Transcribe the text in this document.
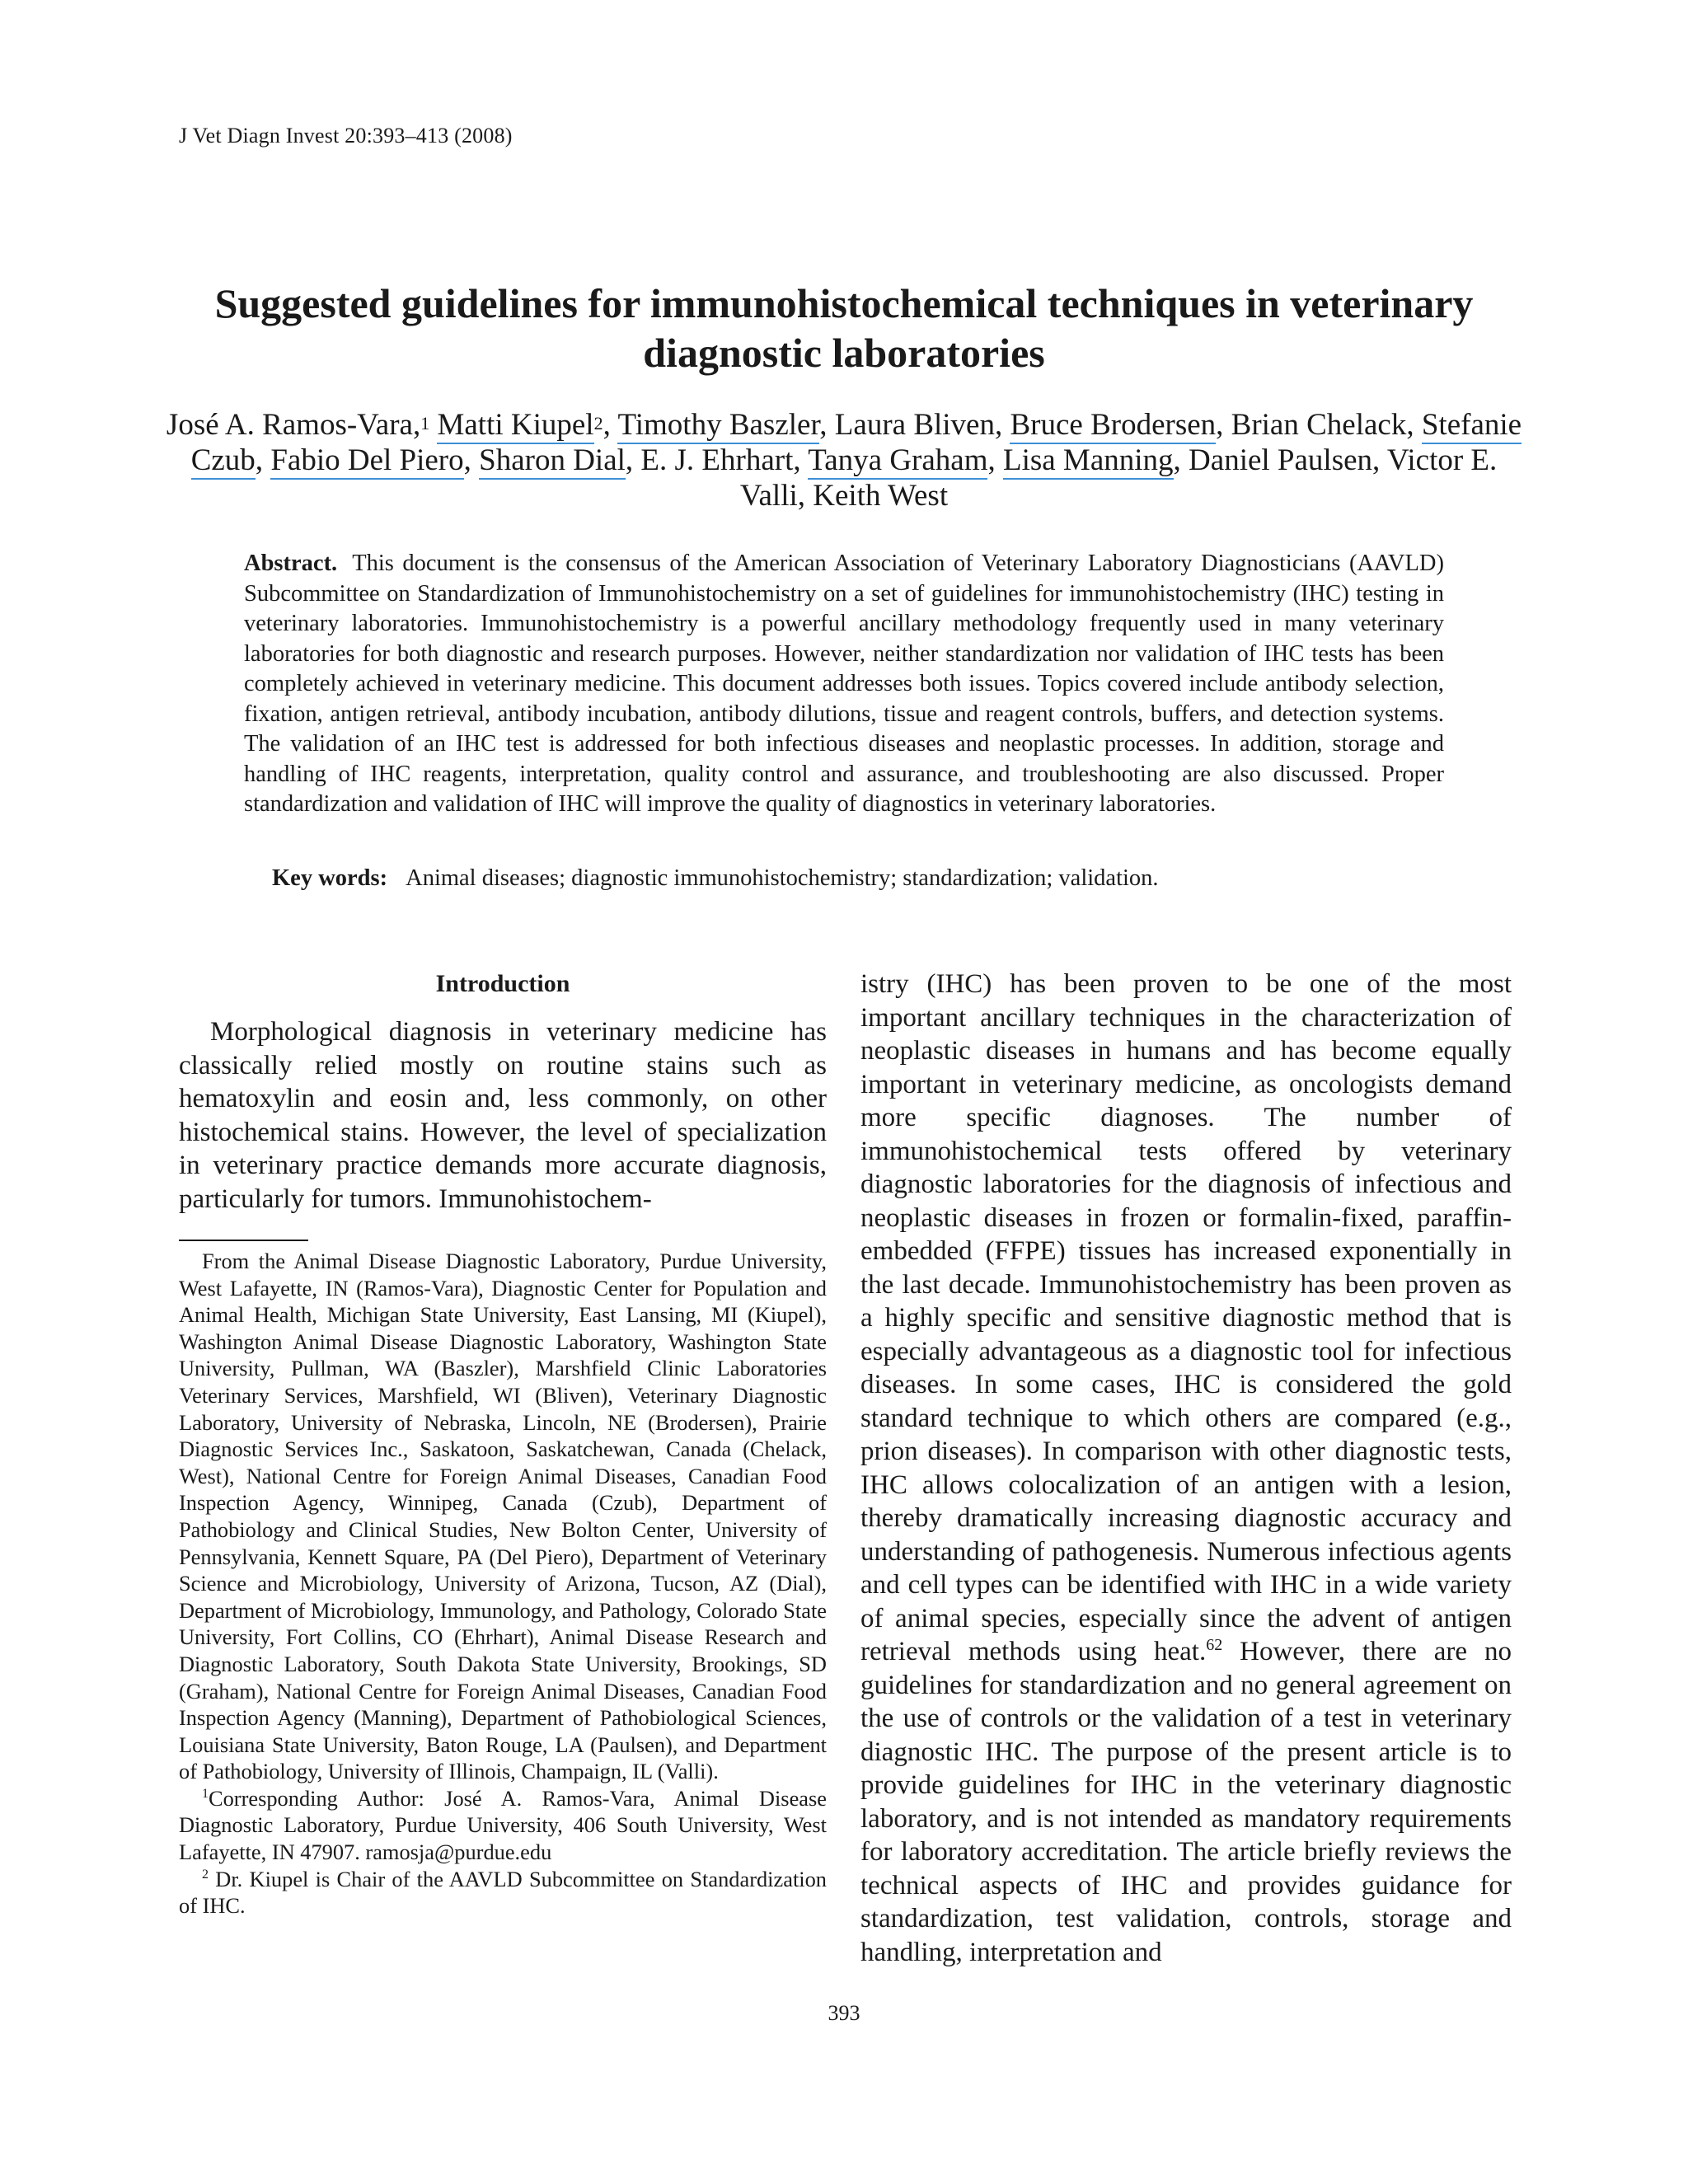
J Vet Diagn Invest 20:393–413 (2008)
Suggested guidelines for immunohistochemical techniques in veterinary diagnostic laboratories
José A. Ramos-Vara,$^1$ Matti Kiupel$^2$, Timothy Baszler, Laura Bliven, Bruce Brodersen, Brian Chelack, Stefanie Czub, Fabio Del Piero, Sharon Dial, E. J. Ehrhart, Tanya Graham, Lisa Manning, Daniel Paulsen, Victor E. Valli, Keith West
Abstract. This document is the consensus of the American Association of Veterinary Laboratory Diagnosticians (AAVLD) Subcommittee on Standardization of Immunohistochemistry on a set of guidelines for immunohistochemistry (IHC) testing in veterinary laboratories. Immunohistochemistry is a powerful ancillary methodology frequently used in many veterinary laboratories for both diagnostic and research purposes. However, neither standardization nor validation of IHC tests has been completely achieved in veterinary medicine. This document addresses both issues. Topics covered include antibody selection, fixation, antigen retrieval, antibody incubation, antibody dilutions, tissue and reagent controls, buffers, and detection systems. The validation of an IHC test is addressed for both infectious diseases and neoplastic processes. In addition, storage and handling of IHC reagents, interpretation, quality control and assurance, and troubleshooting are also discussed. Proper standardization and validation of IHC will improve the quality of diagnostics in veterinary laboratories.
Key words: Animal diseases; diagnostic immunohistochemistry; standardization; validation.
Introduction

Morphological diagnosis in veterinary medicine has classically relied mostly on routine stains such as hematoxylin and eosin and, less commonly, on other histochemical stains. However, the level of specialization in veterinary practice demands more accurate diagnosis, particularly for tumors. Immunohistochem-

istry (IHC) has been proven to be one of the most important ancillary techniques in the characterization of neoplastic diseases in humans and has become equally important in veterinary medicine, as oncologists demand more specific diagnoses. The number of immunohistochemical tests offered by veterinary diagnostic laboratories for the diagnosis of infectious and neoplastic diseases in frozen or formalin-fixed, paraffin-embedded (FFPE) tissues has increased exponentially in the last decade. Immunohistochemistry has been proven as a highly specific and sensitive diagnostic method that is especially advantageous as a diagnostic tool for infectious diseases. In some cases, IHC is considered the gold standard technique to which others are compared (e.g., prion diseases). In comparison with other diagnostic tests, IHC allows colocalization of an antigen with a lesion, thereby dramatically increasing diagnostic accuracy and understanding of pathogenesis. Numerous infectious agents and cell types can be identified with IHC in a wide variety of animal species, especially since the advent of antigen retrieval methods using heat.$^{62}$ However, there are no guidelines for standardization and no general agreement on the use of controls or the validation of a test in veterinary diagnostic IHC. The purpose of the present article is to provide guidelines for IHC in the veterinary diagnostic laboratory, and is not intended as mandatory requirements for laboratory accreditation. The article briefly reviews the technical aspects of IHC and provides guidance for standardization, test validation, controls, storage and handling, interpretation and

From the Animal Disease Diagnostic Laboratory, Purdue University, West Lafayette, IN (Ramos-Vara), Diagnostic Center for Population and Animal Health, Michigan State University, East Lansing, MI (Kiupel), Washington Animal Disease Diagnostic Laboratory, Washington State University, Pullman, WA (Baszler), Marshfield Clinic Laboratories Veterinary Services, Marshfield, WI (Bliven), Veterinary Diagnostic Laboratory, University of Nebraska, Lincoln, NE (Brodersen), Prairie Diagnostic Services Inc., Saskatoon, Saskatchewan, Canada (Chelack, West), National Centre for Foreign Animal Diseases, Canadian Food Inspection Agency, Winnipeg, Canada (Czub), Department of Pathobiology and Clinical Studies, New Bolton Center, University of Pennsylvania, Kennett Square, PA (Del Piero), Department of Veterinary Science and Microbiology, University of Arizona, Tucson, AZ (Dial), Department of Microbiology, Immunology, and Pathology, Colorado State University, Fort Collins, CO (Ehrhart), Animal Disease Research and Diagnostic Laboratory, South Dakota State University, Brookings, SD (Graham), National Centre for Foreign Animal Diseases, Canadian Food Inspection Agency (Manning), Department of Pathobiological Sciences, Louisiana State University, Baton Rouge, LA (Paulsen), and Department of Pathobiology, University of Illinois, Champaign, IL (Valli).

$^1$Corresponding Author: José A. Ramos-Vara, Animal Disease Diagnostic Laboratory, Purdue University, 406 South University, West Lafayette, IN 47907. ramosja@purdue.edu

$^2$ Dr. Kiupel is Chair of the AAVLD Subcommittee on Standardization of IHC.

393
